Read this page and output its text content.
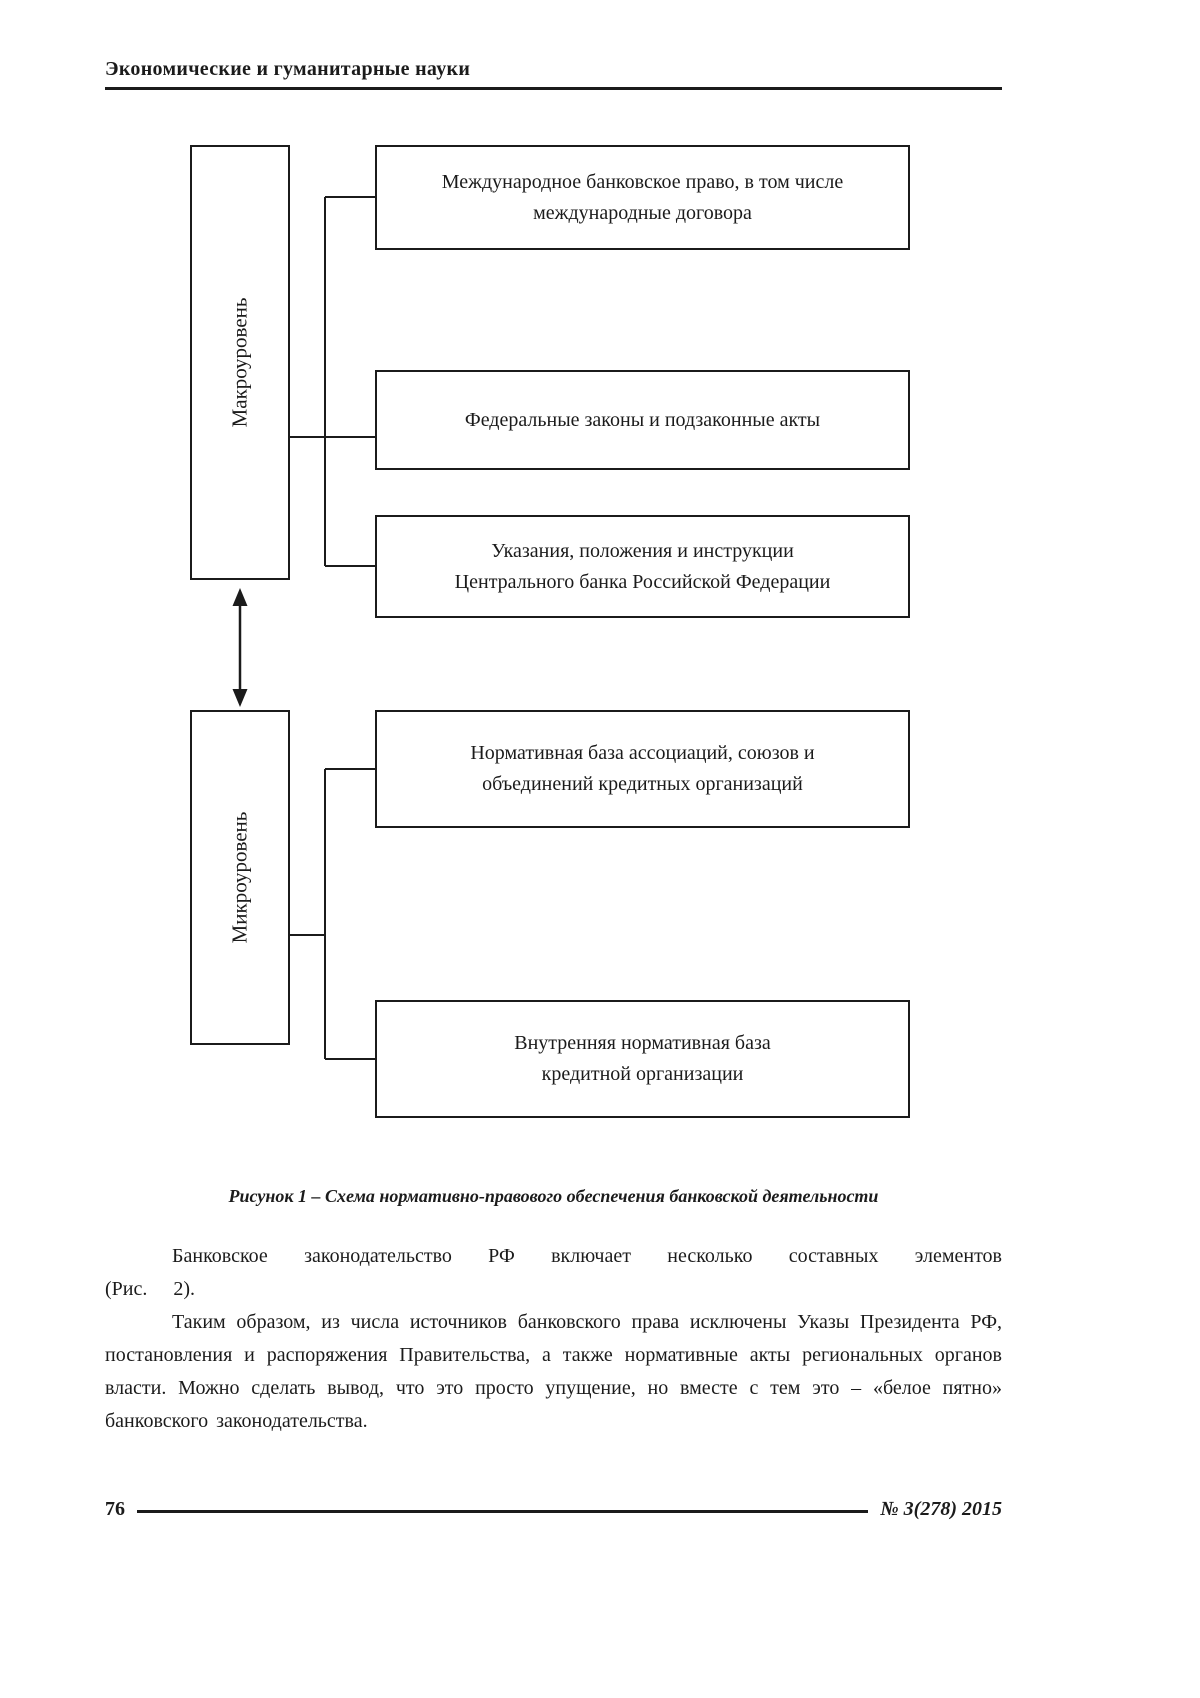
Экономические и гуманитарные науки
Макроуровень
Микроуровень
Международное банковское право, в том числе
международные договора
Федеральные законы и подзаконные акты
Указания, положения и инструкции
Центрального банка Российской Федерации
Нормативная база ассоциаций, союзов и
объединений кредитных организаций
Внутренняя нормативная база
кредитной организации

Рисунок 1 – Схема нормативно-правового обеспечения банковской деятельности

Банковское законодательство РФ включает несколько составных элементов (Рис. 2).

Таким образом, из числа источников банковского права исключены Указы Президента РФ, постановления и распоряжения Правительства, а также нормативные акты региональных органов власти. Можно сделать вывод, что это просто упущение, но вместе с тем это – «белое пятно» банковского законодательства.

76	№ 3(278) 2015
